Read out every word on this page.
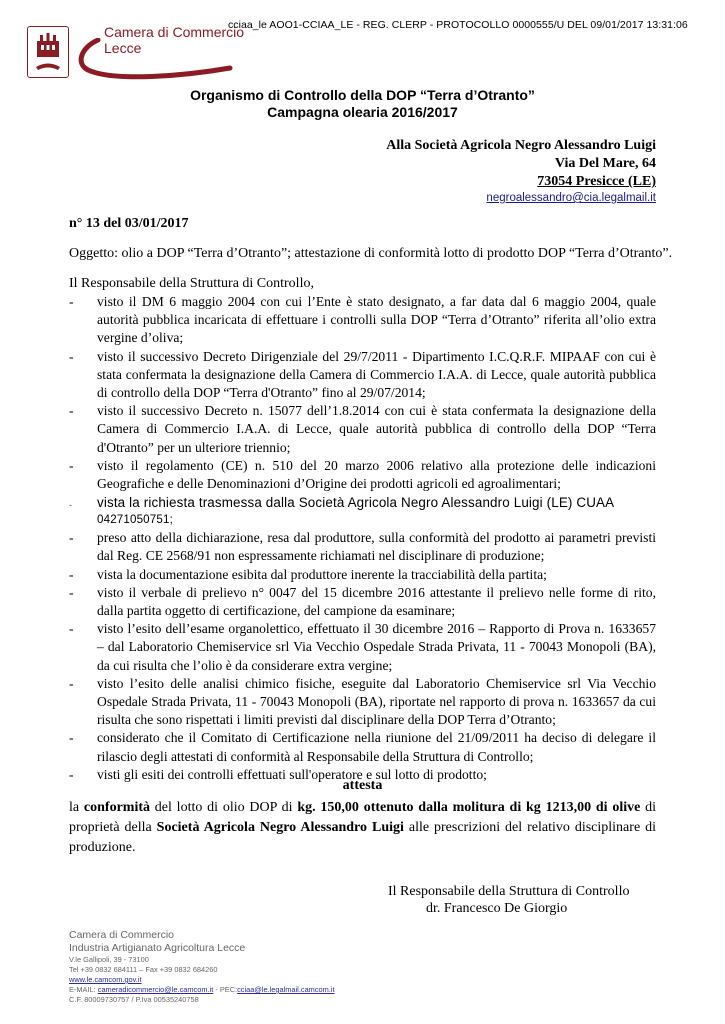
Camera di Commercio
Lecce
cciaa_le AOO1-CCIAA_LE - REG. CLERP - PROTOCOLLO 0000555/U DEL 09/01/2017 13:31:06
Organismo di Controllo della DOP “Terra d’Otranto”
Campagna olearia 2016/2017
Alla Società Agricola Negro Alessandro Luigi
Via Del Mare, 64
73054 Presicce (LE)
negroalessandro@cia.legalmail.it
n° 13 del 03/01/2017
Oggetto: olio a DOP “Terra d’Otranto”; attestazione di conformità lotto di prodotto DOP “Terra d’Otranto”.
Il Responsabile della Struttura di Controllo,
- visto il DM 6 maggio 2004 con cui l’Ente è stato designato, a far data dal 6 maggio 2004, quale autorità pubblica incaricata di effettuare i controlli sulla DOP “Terra d’Otranto” riferita all’olio extra vergine d’oliva;
- visto il successivo Decreto Dirigenziale del 29/7/2011 - Dipartimento I.C.Q.R.F. MIPAAF con cui è stata confermata la designazione della Camera di Commercio I.A.A. di Lecce, quale autorità pubblica di controllo della DOP “Terra d'Otranto” fino al 29/07/2014;
- visto il successivo Decreto n. 15077 dell’1.8.2014 con cui è stata confermata la designazione della Camera di Commercio I.A.A. di Lecce, quale autorità pubblica di controllo della DOP “Terra d'Otranto” per un ulteriore triennio;
- visto il regolamento (CE) n. 510 del 20 marzo 2006 relativo alla protezione delle indicazioni Geografiche e delle Denominazioni d’Origine dei prodotti agricoli ed agroalimentari;
- vista la richiesta trasmessa dalla Società Agricola Negro Alessandro Luigi (LE) CUAA
04271050751;
- preso atto della dichiarazione, resa dal produttore, sulla conformità del prodotto ai parametri previsti dal Reg. CE 2568/91 non espressamente richiamati nel disciplinare di produzione;
- vista la documentazione esibita dal produttore inerente la tracciabilità della partita;
- visto il verbale di prelievo n° 0047 del 15 dicembre 2016 attestante il prelievo nelle forme di rito, dalla partita oggetto di certificazione, del campione da esaminare;
- visto l’esito dell’esame organolettico, effettuato il 30 dicembre 2016 – Rapporto di Prova n. 1633657 – dal Laboratorio Chemiservice srl Via Vecchio Ospedale Strada Privata, 11 - 70043 Monopoli (BA), da cui risulta che l’olio è da considerare extra vergine;
- visto l’esito delle analisi chimico fisiche, eseguite dal Laboratorio Chemiservice srl Via Vecchio Ospedale Strada Privata, 11 - 70043 Monopoli (BA), riportate nel rapporto di prova n. 1633657 da cui risulta che sono rispettati i limiti previsti dal disciplinare della DOP Terra d’Otranto;
- considerato che il Comitato di Certificazione nella riunione del 21/09/2011 ha deciso di delegare il rilascio degli attestati di conformità al Responsabile della Struttura di Controllo;
- visti gli esiti dei controlli effettuati sull'operatore e sul lotto di prodotto;
attesta
la conformità del lotto di olio DOP di kg. 150,00 ottenuto dalla molitura di kg 1213,00 di olive di proprietà della Società Agricola Negro Alessandro Luigi alle prescrizioni del relativo disciplinare di produzione.
Il Responsabile della Struttura di Controllo
dr. Francesco De Giorgio
Camera di Commercio
Industria Artigianato Agricoltura Lecce
V.le Gallipoli, 39 - 73100
Tel +39 0832 684111 – Fax +39 0832 684260
www.le.camcom.gov.it
E-MAIL: cameradicommercio@le.camcom.it - PEC:cciaa@le.legalmail.camcom.it
C.F. 80009730757 / P.Iva 00535240758
